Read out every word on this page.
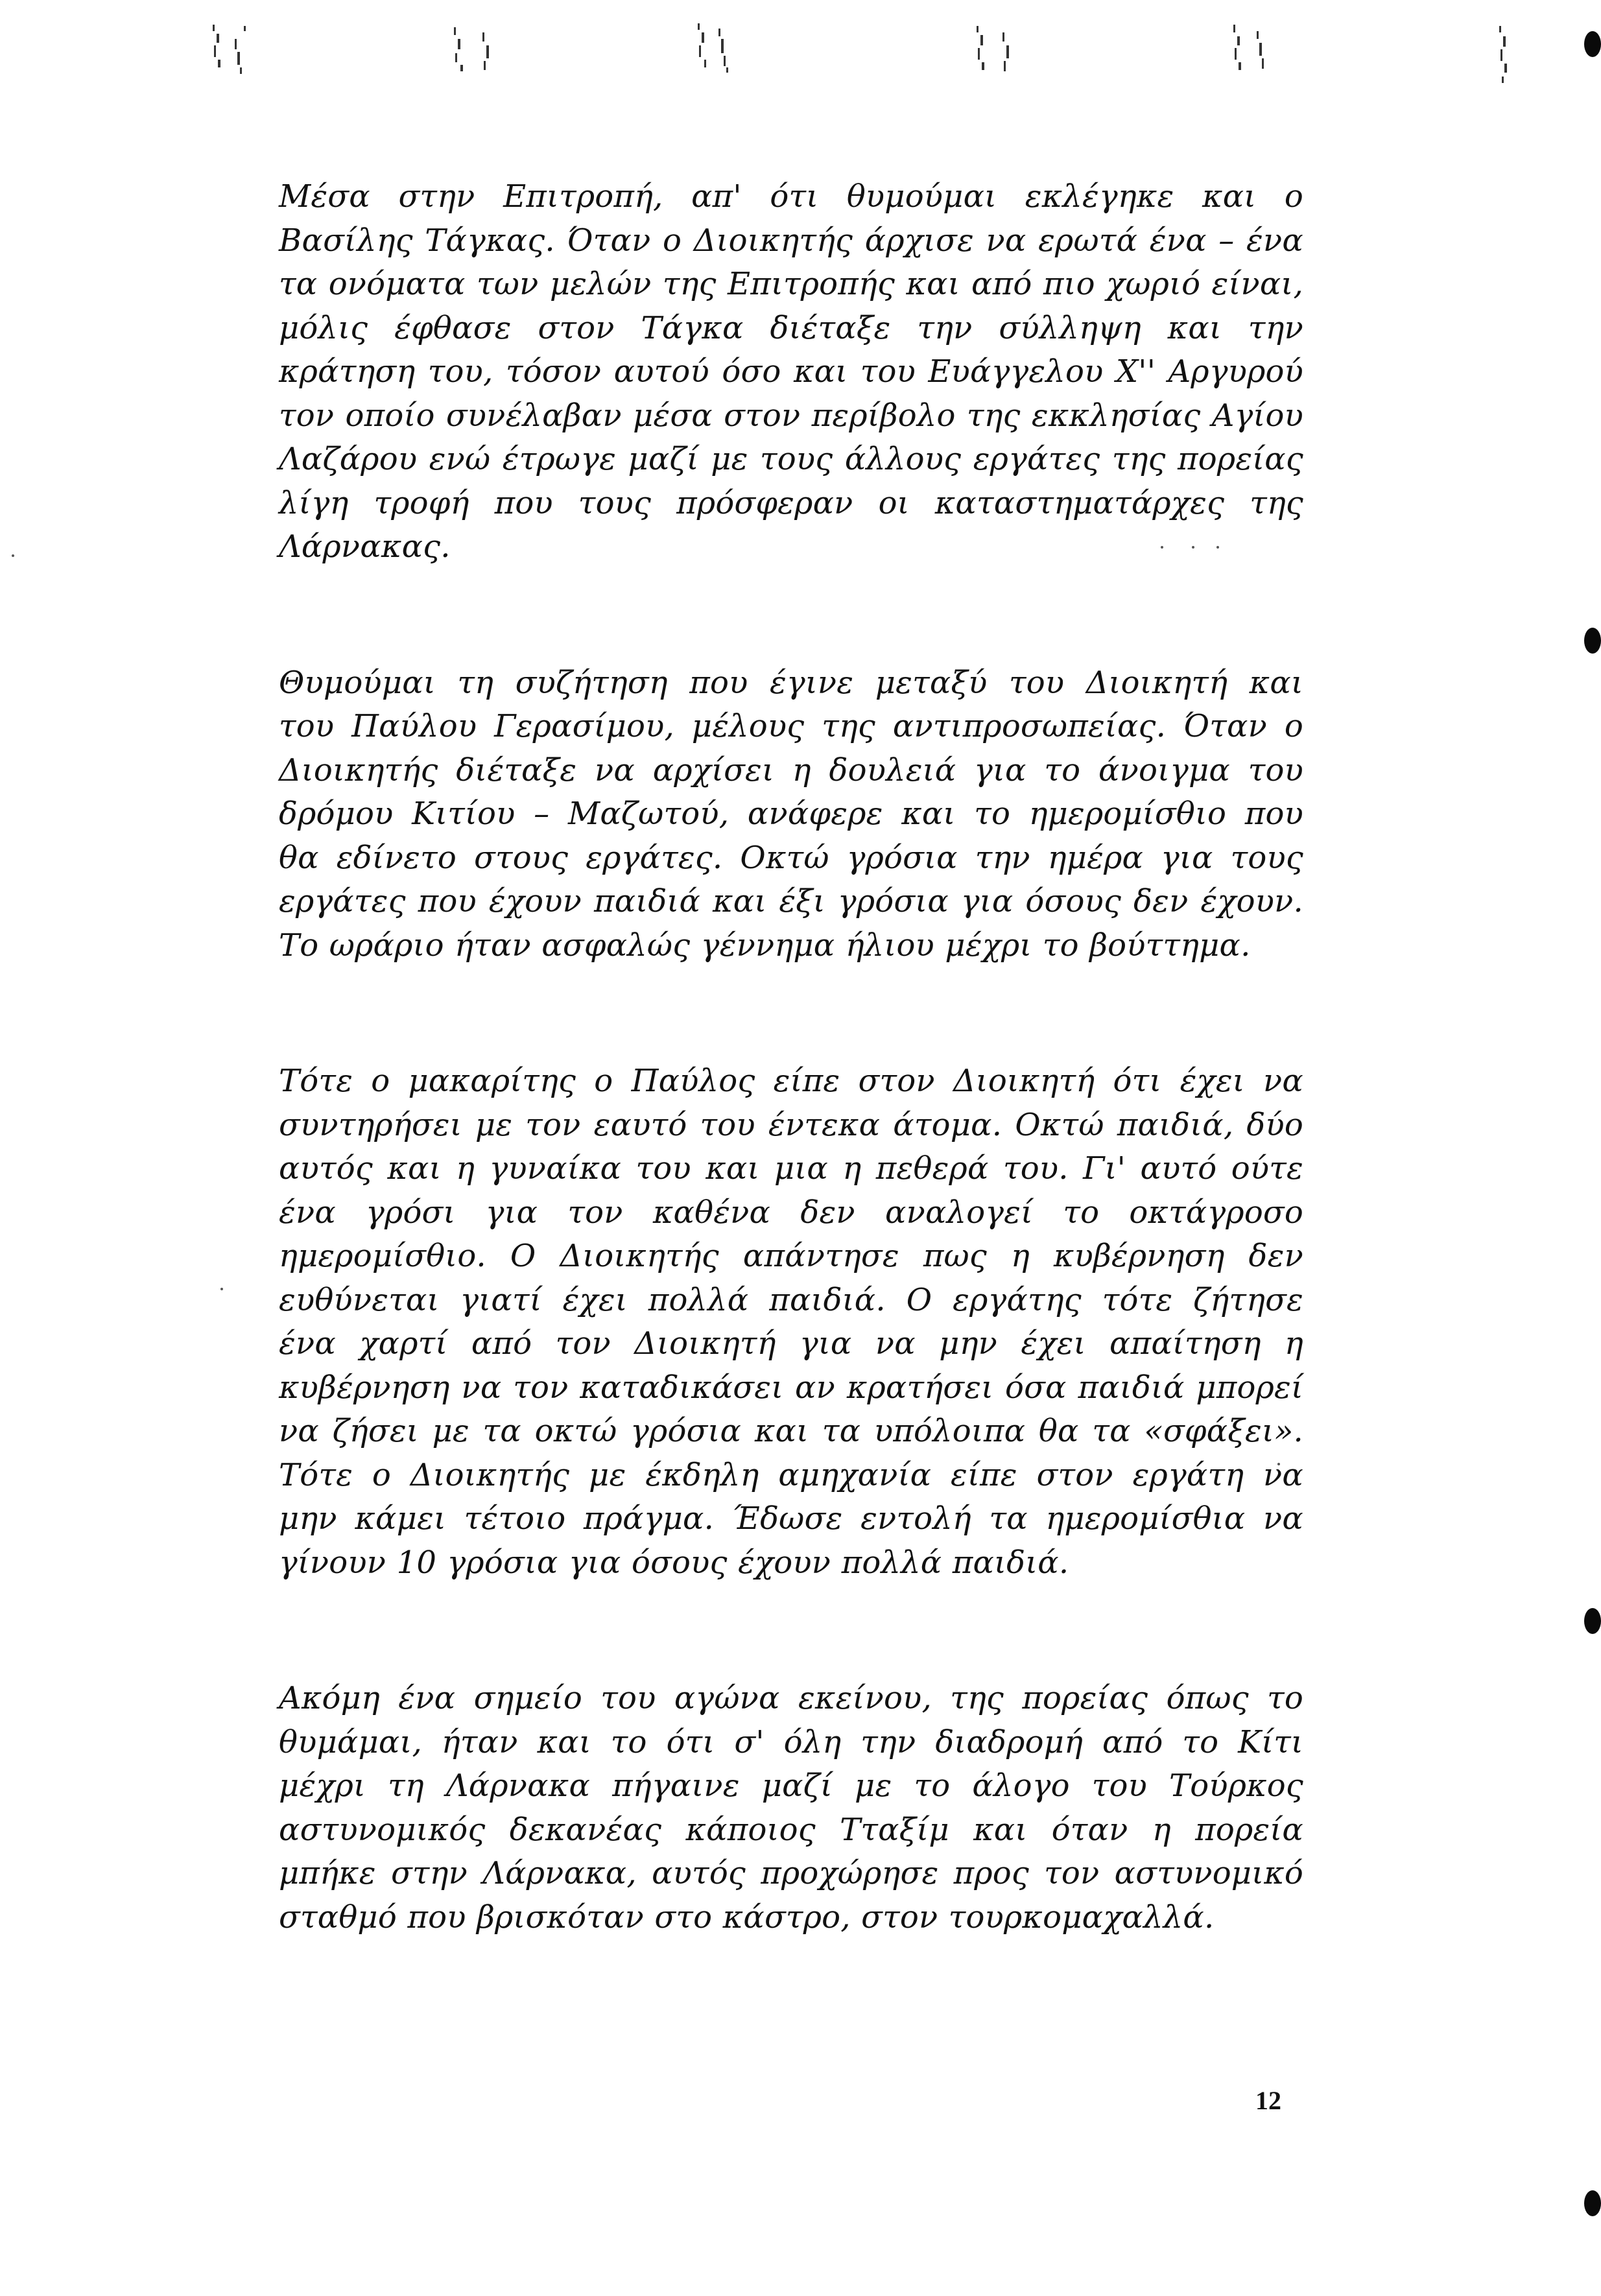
Μέσα στην Επιτροπή, απ' ότι θυμούμαι εκλέγηκε και ο
Βασίλης Τάγκας. Όταν ο Διοικητής άρχισε να ερωτά ένα – ένα
τα ονόματα των μελών της Επιτροπής και από πιο χωριό είναι,
μόλις έφθασε στον Τάγκα διέταξε την σύλληψη και την
κράτηση του, τόσον αυτού όσο και του Ευάγγελου Χ'' Αργυρού
τον οποίο συνέλαβαν μέσα στον περίβολο της εκκλησίας Αγίου
Λαζάρου ενώ έτρωγε μαζί με τους άλλους εργάτες της πορείας
λίγη τροφή που τους πρόσφεραν οι καταστηματάρχες της
Λάρνακας.

Θυμούμαι τη συζήτηση που έγινε μεταξύ του Διοικητή και
του Παύλου Γερασίμου, μέλους της αντιπροσωπείας. Όταν ο
Διοικητής διέταξε να αρχίσει η δουλειά για το άνοιγμα του
δρόμου Κιτίου – Μαζωτού, ανάφερε και το ημερομίσθιο που
θα εδίνετο στους εργάτες. Οκτώ γρόσια την ημέρα για τους
εργάτες που έχουν παιδιά και έξι γρόσια για όσους δεν έχουν.
Το ωράριο ήταν ασφαλώς γέννημα ήλιου μέχρι το βούττημα.

Τότε ο μακαρίτης ο Παύλος είπε στον Διοικητή ότι έχει να
συντηρήσει με τον εαυτό του έντεκα άτομα. Οκτώ παιδιά, δύο
αυτός και η γυναίκα του και μια η πεθερά του. Γι' αυτό ούτε
ένα γρόσι για τον καθένα δεν αναλογεί το οκτάγροσο
ημερομίσθιο. Ο Διοικητής απάντησε πως η κυβέρνηση δεν
ευθύνεται γιατί έχει πολλά παιδιά. Ο εργάτης τότε ζήτησε
ένα χαρτί από τον Διοικητή για να μην έχει απαίτηση η
κυβέρνηση να τον καταδικάσει αν κρατήσει όσα παιδιά μπορεί
να ζήσει με τα οκτώ γρόσια και τα υπόλοιπα θα τα «σφάξει».
Τότε ο Διοικητής με έκδηλη αμηχανία είπε στον εργάτη να
μην κάμει τέτοιο πράγμα. Έδωσε εντολή τα ημερομίσθια να
γίνουν 10 γρόσια για όσους έχουν πολλά παιδιά.

Ακόμη ένα σημείο του αγώνα εκείνου, της πορείας όπως το
θυμάμαι, ήταν και το ότι σ' όλη την διαδρομή από το Κίτι
μέχρι τη Λάρνακα πήγαινε μαζί με το άλογο του Τούρκος
αστυνομικός δεκανέας κάποιος Τταξίμ και όταν η πορεία
μπήκε στην Λάρνακα, αυτός προχώρησε προς τον αστυνομικό
σταθμό που βρισκόταν στο κάστρο, στον τουρκομαχαλλά.

12
